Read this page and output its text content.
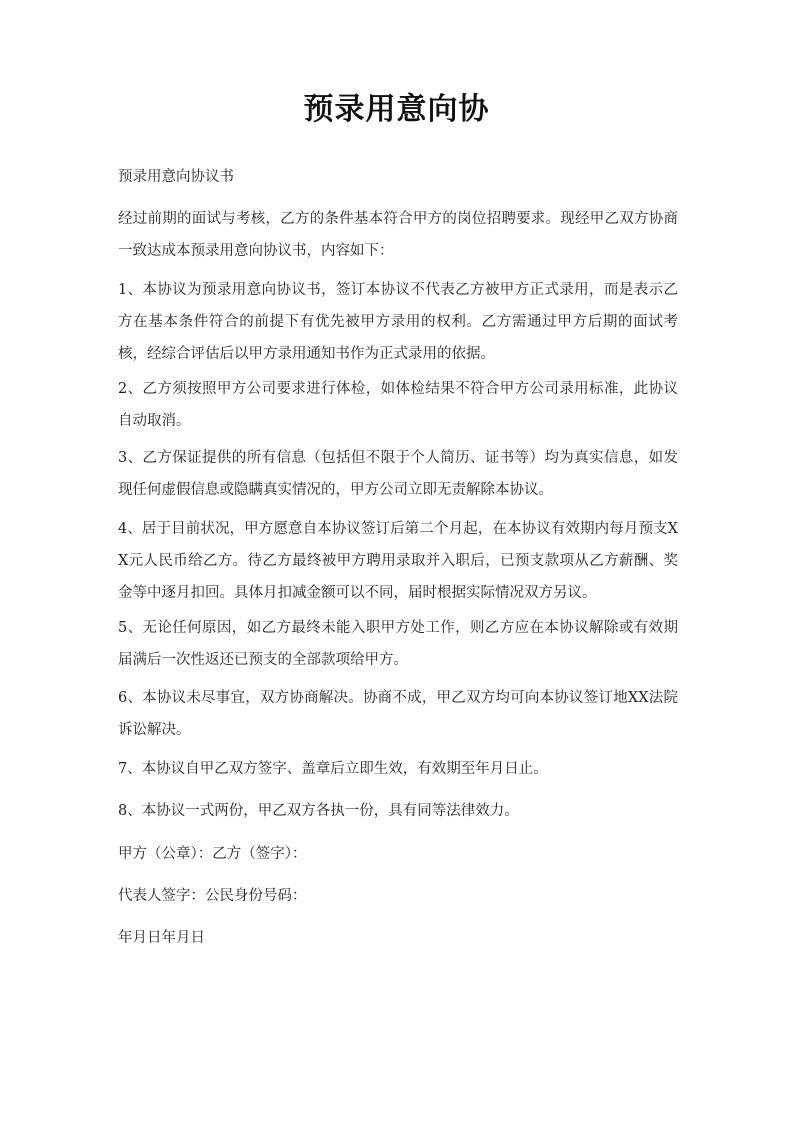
预录用意向协
预录用意向协议书
经过前期的面试与考核，乙方的条件基本符合甲方的岗位招聘要求。现经甲乙双方协商一致达成本预录用意向协议书，内容如下：
1、本协议为预录用意向协议书，签订本协议不代表乙方被甲方正式录用，而是表示乙方在基本条件符合的前提下有优先被甲方录用的权利。乙方需通过甲方后期的面试考核，经综合评估后以甲方录用通知书作为正式录用的依据。
2、乙方须按照甲方公司要求进行体检，如体检结果不符合甲方公司录用标准，此协议自动取消。
3、乙方保证提供的所有信息（包括但不限于个人简历、证书等）均为真实信息，如发现任何虚假信息或隐瞒真实情况的，甲方公司立即无责解除本协议。
4、居于目前状况，甲方愿意自本协议签订后第二个月起，在本协议有效期内每月预支XX元人民币给乙方。待乙方最终被甲方聘用录取并入职后，已预支款项从乙方薪酬、奖金等中逐月扣回。具体月扣减金额可以不同，届时根据实际情况双方另议。
5、无论任何原因，如乙方最终未能入职甲方处工作，则乙方应在本协议解除或有效期届满后一次性返还已预支的全部款项给甲方。
6、本协议未尽事宜，双方协商解决。协商不成，甲乙双方均可向本协议签订地XX法院诉讼解决。
7、本协议自甲乙双方签字、盖章后立即生效，有效期至年月日止。
8、本协议一式两份，甲乙双方各执一份，具有同等法律效力。
甲方（公章）：乙方（签字）：
代表人签字：公民身份号码：
年月日年月日
